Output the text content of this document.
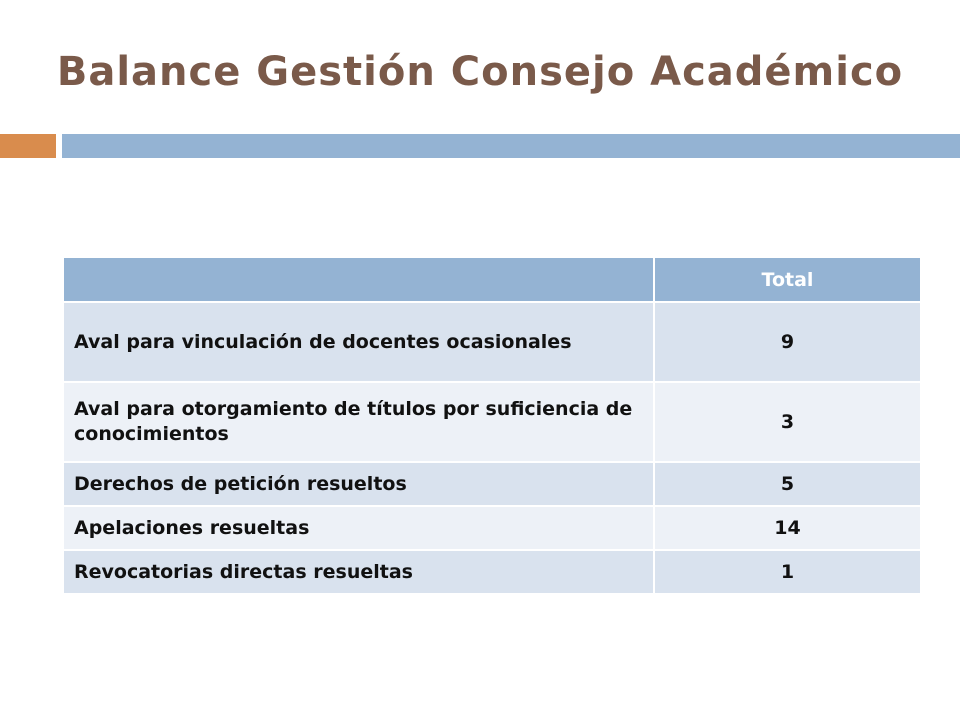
Balance Gestión Consejo Académico
	Total
Aval para vinculación de docentes ocasionales	9
Aval para otorgamiento de títulos por suficiencia de conocimientos	3
Derechos de petición resueltos	5
Apelaciones resueltas	14
Revocatorias directas resueltas	1
